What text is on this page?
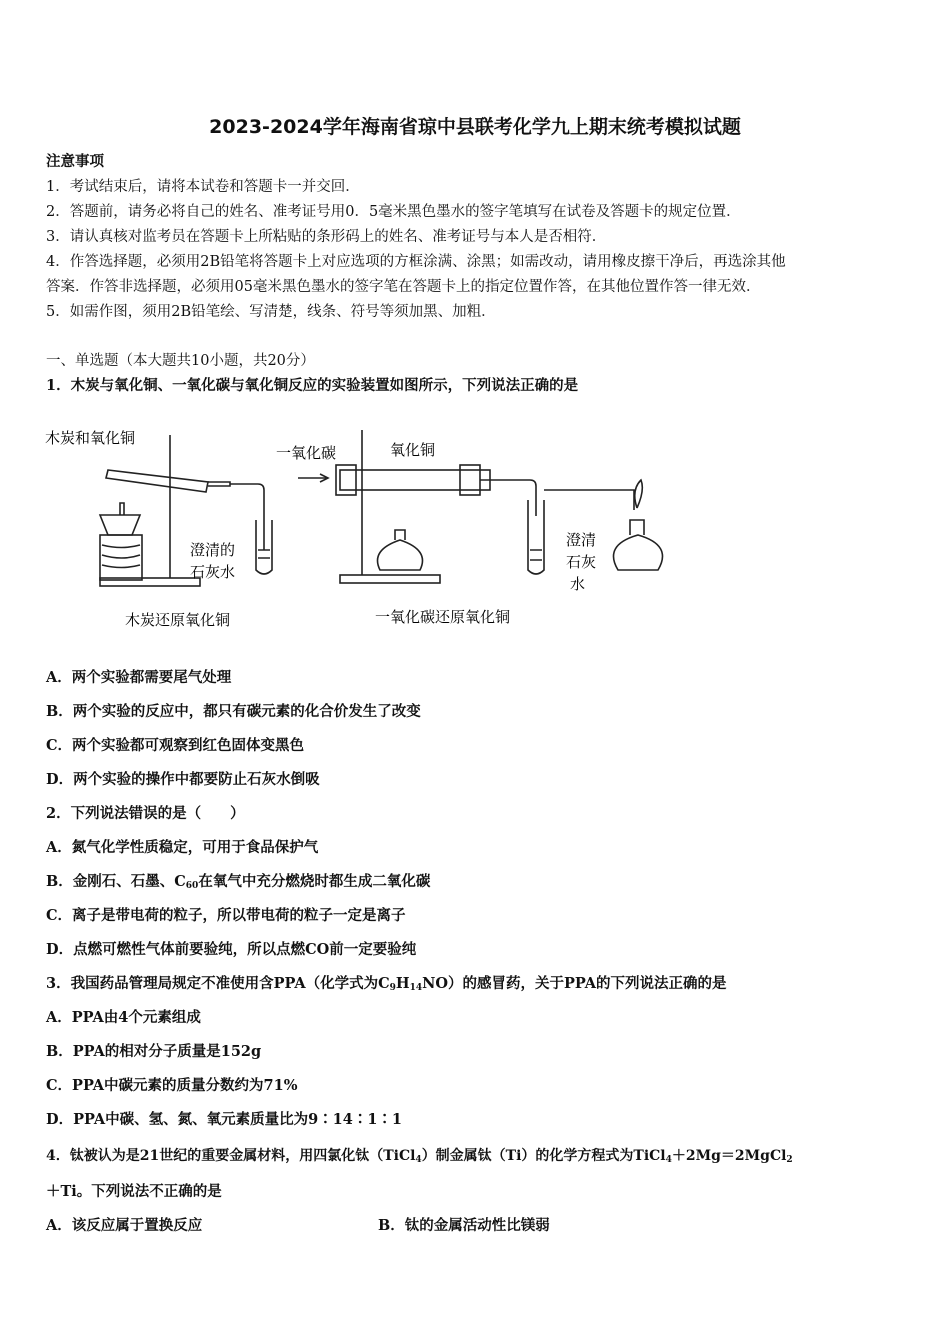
2023-2024学年海南省琼中县联考化学九上期末统考模拟试题
注意事项
1．考试结束后，请将本试卷和答题卡一并交回．
2．答题前，请务必将自己的姓名、准考证号用0．5毫米黑色墨水的签字笔填写在试卷及答题卡的规定位置．
3．请认真核对监考员在答题卡上所粘贴的条形码上的姓名、准考证号与本人是否相符．
4．作答选择题，必须用2B铅笔将答题卡上对应选项的方框涂满、涂黑；如需改动，请用橡皮擦干净后，再选涂其他
答案．作答非选择题，必须用05毫米黑色墨水的签字笔在答题卡上的指定位置作答，在其他位置作答一律无效．
5．如需作图，须用2B铅笔绘、写清楚，线条、符号等须加黑、加粗．
一、单选题（本大题共10小题，共20分）
1．木炭与氧化铜、一氧化碳与氧化铜反应的实验装置如图所示，下列说法正确的是
木炭和氧化铜
澄清的
石灰水
木炭还原氧化铜
一氧化碳	氧化铜
澄清
石灰
水
一氧化碳还原氧化铜
A．两个实验都需要尾气处理
B．两个实验的反应中，都只有碳元素的化合价发生了改变
C．两个实验都可观察到红色固体变黑色
D．两个实验的操作中都要防止石灰水倒吸
2．下列说法错误的是（　　）
A．氮气化学性质稳定，可用于食品保护气
B．金刚石、石墨、$C_{60}$在氧气中充分燃烧时都生成二氧化碳
C．离子是带电荷的粒子，所以带电荷的粒子一定是离子
D．点燃可燃性气体前要验纯，所以点燃CO前一定要验纯
3．我国药品管理局规定不准使用含PPA（化学式为$C_9H_{14}NO$）的感冒药，关于PPA的下列说法正确的是
A．PPA由4个元素组成
B．PPA的相对分子质量是152g
C．PPA中碳元素的质量分数约为71%
D．PPA中碳、氢、氮、氧元素质量比为9∶14∶1∶1
4．钛被认为是21世纪的重要金属材料，用四氯化钛（TiCl$_4$）制金属钛（Ti）的化学方程式为TiCl$_4$＋2Mg＝2MgCl$_2$
＋Ti。下列说法不正确的是
A．该反应属于置换反应	B．钛的金属活动性比镁弱
